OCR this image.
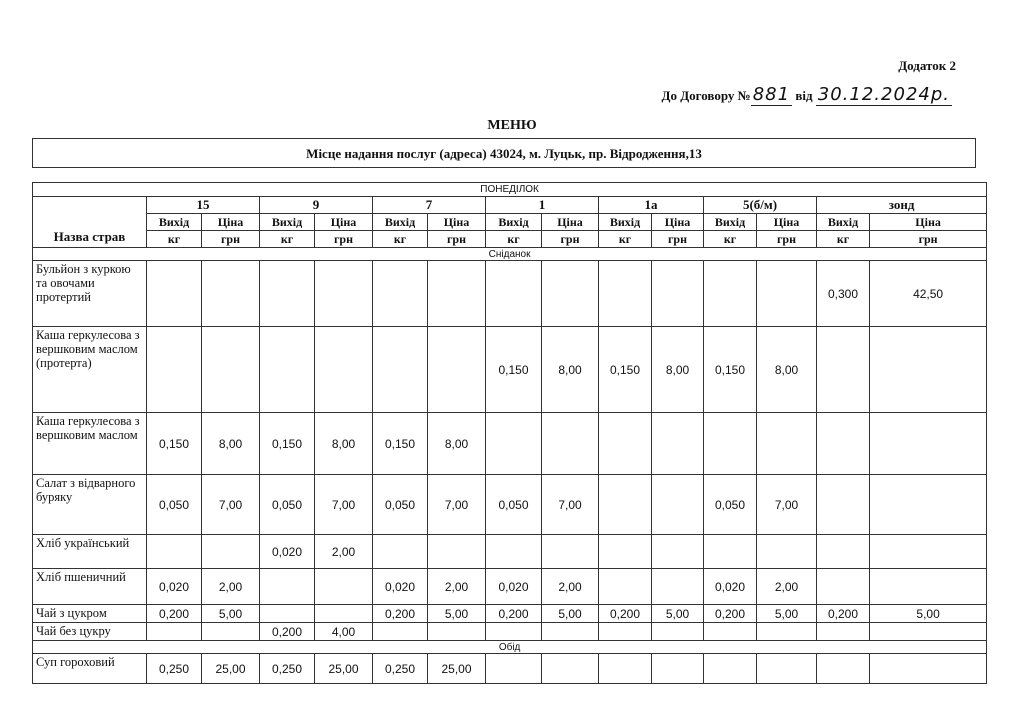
Додаток 2
До Договору № 881 від 30.12.2024р.
МЕНЮ
Місце надання послуг (адреса) 43024, м. Луцьк, пр. Відродження,13
ПОНЕДІЛОК														
Назва страв	15		9		7		1		1а		5(б/м)		зонд	
	Вихід	Ціна	Вихід	Ціна	Вихід	Ціна	Вихід	Ціна	Вихід	Ціна	Вихід	Ціна	Вихід	Ціна
	кг	грн	кг	грн	кг	грн	кг	грн	кг	грн	кг	грн	кг	грн
Сніданок														
Бульйон з куркою та овочами протертий													0,300	42,50
Каша геркулесова з вершковим маслом (протерта)							0,150	8,00	0,150	8,00	0,150	8,00		
Каша геркулесова з вершковим маслом	0,150	8,00	0,150	8,00	0,150	8,00								
Салат з відварного буряку	0,050	7,00	0,050	7,00	0,050	7,00	0,050	7,00			0,050	7,00		
Хліб український			0,020	2,00										
Хліб пшеничний	0,020	2,00			0,020	2,00	0,020	2,00			0,020	2,00		
Чай з цукром	0,200	5,00			0,200	5,00	0,200	5,00	0,200	5,00	0,200	5,00	0,200	5,00
Чай без цукру			0,200	4,00										
Обід														
Суп гороховий	0,250	25,00	0,250	25,00	0,250	25,00								
